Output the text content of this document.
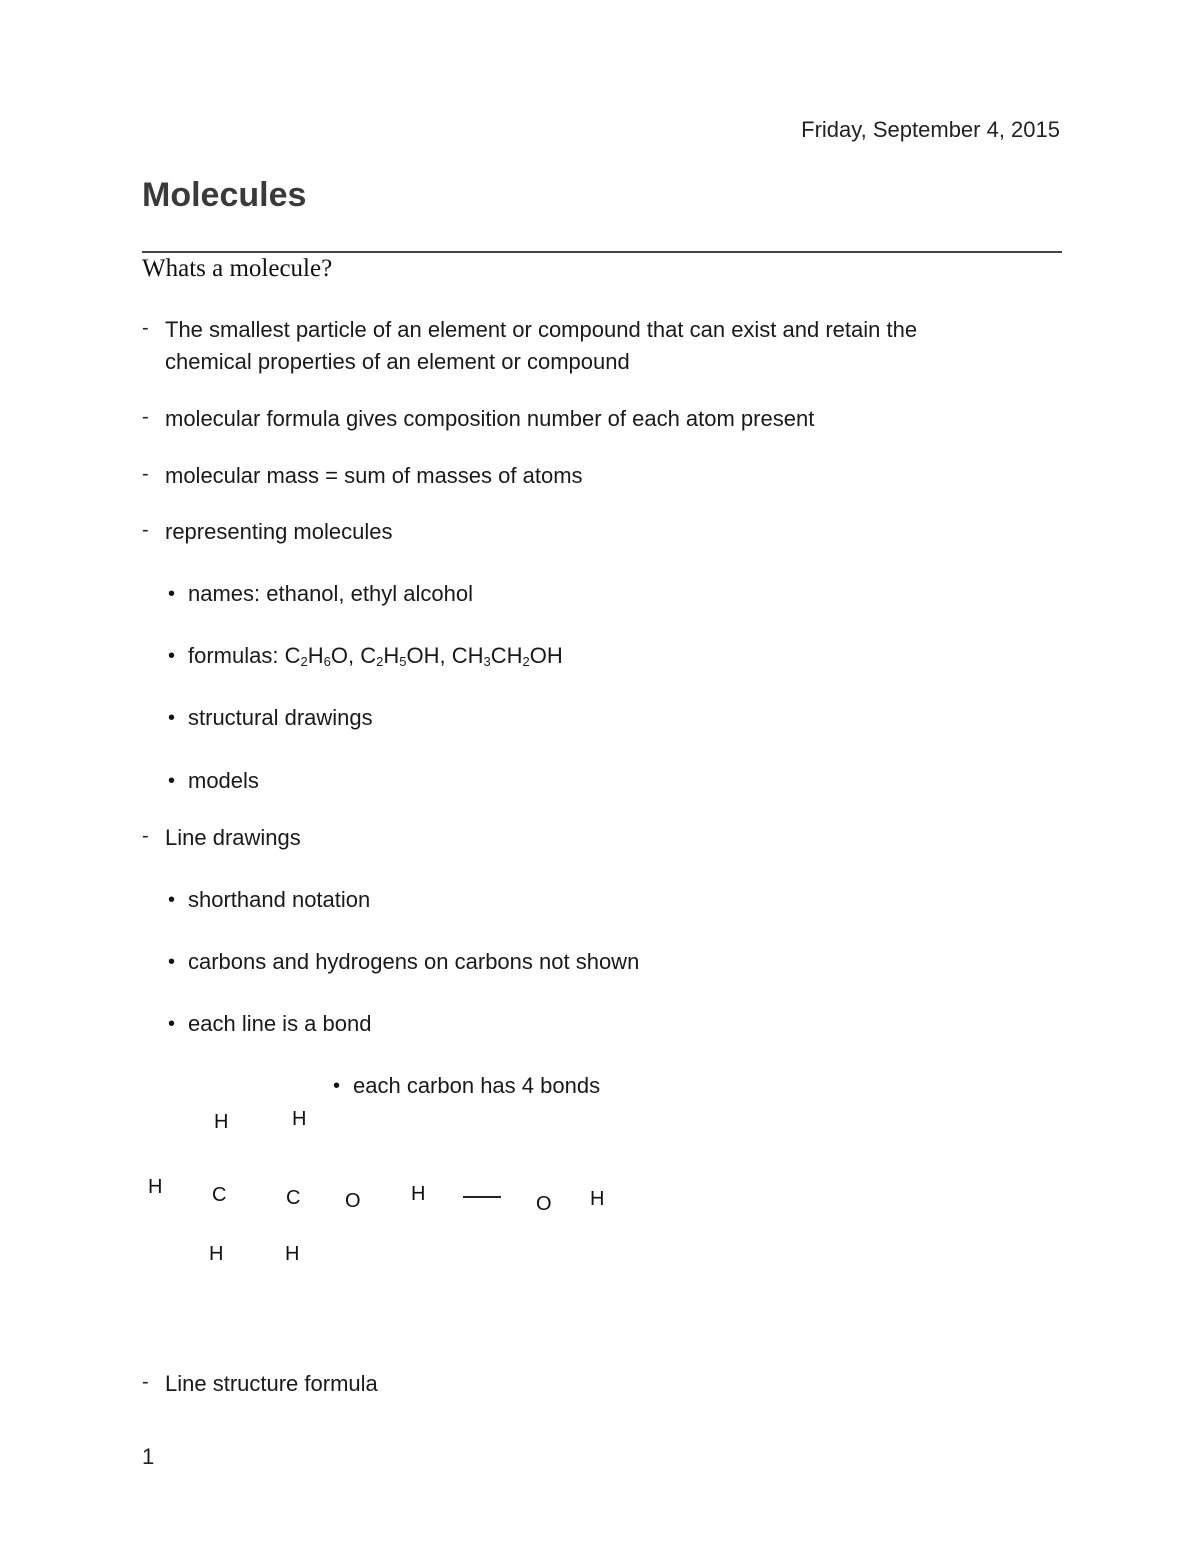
Friday, September 4, 2015
Molecules
Whats a molecule?
- The smallest particle of an element or compound that can exist and retain the
chemical properties of an element or compound
- molecular formula gives composition number of each atom present
- molecular mass = sum of masses of atoms
- representing molecules
• names: ethanol, ethyl alcohol
• formulas: $C_2H_6O$, $C_2H_5OH$, $CH_3CH_2OH$
• structural drawings
• models
- Line drawings
• shorthand notation
• carbons and hydrogens on carbons not shown
• each line is a bond
• each carbon has 4 bonds
H	H
H C	C O	H	O H
H	H
- Line structure formula
1
